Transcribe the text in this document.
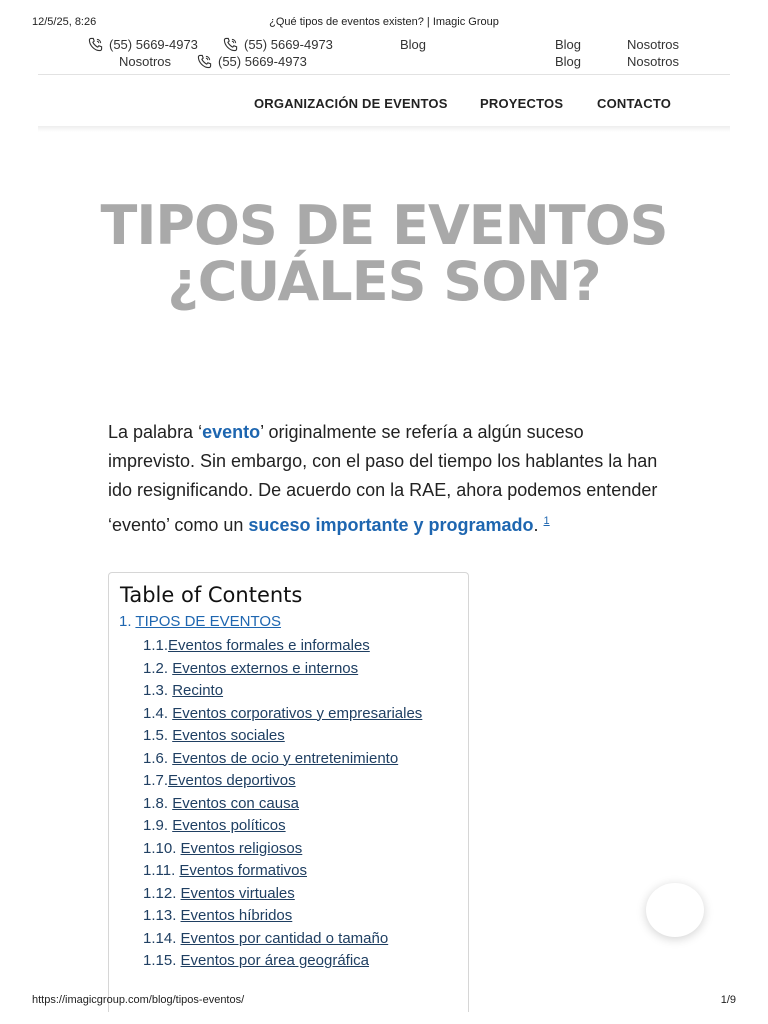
12/5/25, 8:26	¿Qué tipos de eventos existen? | Imagic Group
(55) 5669-4973	(55) 5669-4973	Blog	Blog	Nosotros
Nosotros	(55) 5669-4973	Blog	Nosotros
ORGANIZACIÓN DE EVENTOS PROYECTOS	CONTACTO
TIPOS DE EVENTOS
¿CUÁLES SON?

La palabra ‘evento’ originalmente se refería a algún suceso imprevisto. Sin embargo, con el paso del tiempo los hablantes la han ido resignificando. De acuerdo con la RAE, ahora podemos entender ‘evento’ como un suceso importante y programado. $^1$

Table of Contents
1. TIPOS DE EVENTOS
1.1.Eventos formales e informales
1.2. Eventos externos e internos
1.3. Recinto
1.4. Eventos corporativos y empresariales
1.5. Eventos sociales
1.6. Eventos de ocio y entretenimiento
1.7.Eventos deportivos
1.8. Eventos con causa
1.9. Eventos políticos
1.10. Eventos religiosos
1.11. Eventos formativos
1.12. Eventos virtuales
1.13. Eventos híbridos
1.14. Eventos por cantidad o tamaño
1.15. Eventos por área geográfica
https://imagicgroup.com/blog/tipos-eventos/	1/9
